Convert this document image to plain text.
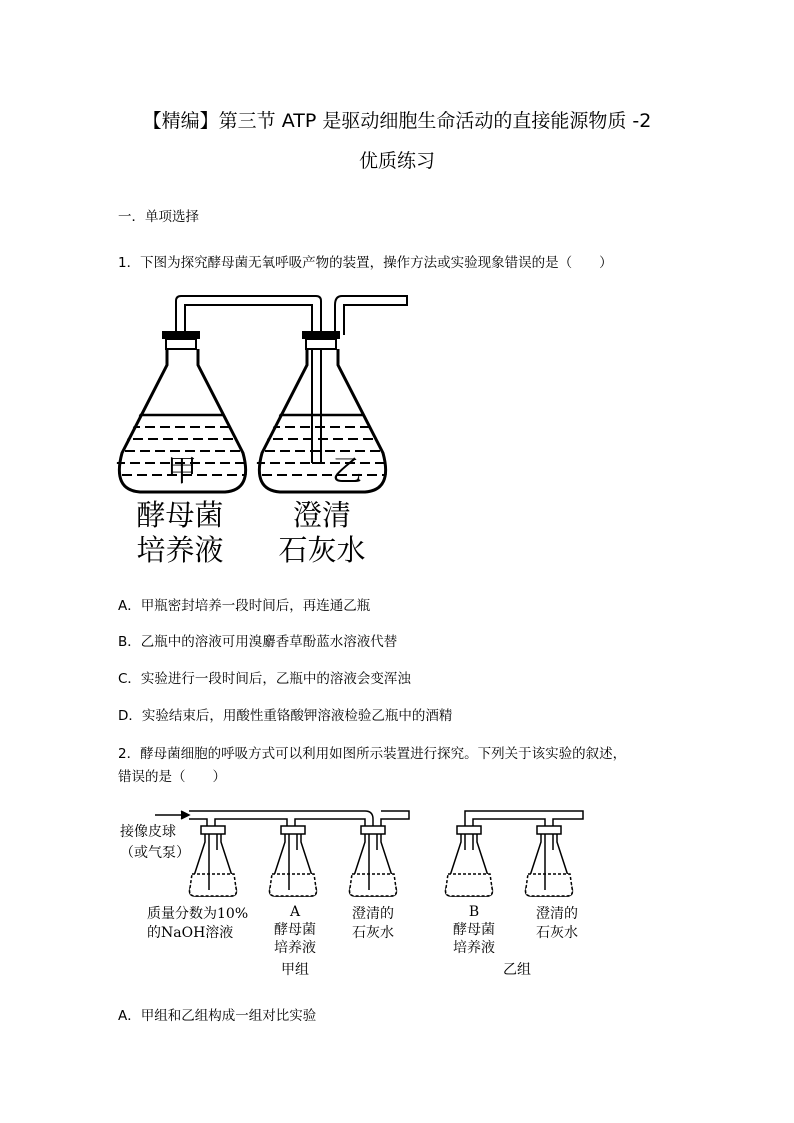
【精编】第三节 ATP 是驱动细胞生命活动的直接能源物质 -2
优质练习
一．单项选择
1．下图为探究酵母菌无氧呼吸产物的装置，操作方法或实验现象错误的是（　　）
甲	乙
酵母菌
培养液
澄清
石灰水
A．甲瓶密封培养一段时间后，再连通乙瓶
B．乙瓶中的溶液可用溴麝香草酚蓝水溶液代替
C．实验进行一段时间后，乙瓶中的溶液会变浑浊
D．实验结束后，用酸性重铬酸钾溶液检验乙瓶中的酒精
2．酵母菌细胞的呼吸方式可以利用如图所示装置进行探究。下列关于该实验的叙述，
错误的是（　　）
接像皮球
（或气泵）
质量分数为10%
的NaOH溶液
A
酵母菌
培养液
甲组
澄清的
石灰水
B
酵母菌
培养液
澄清的
石灰水
乙组
A．甲组和乙组构成一组对比实验
